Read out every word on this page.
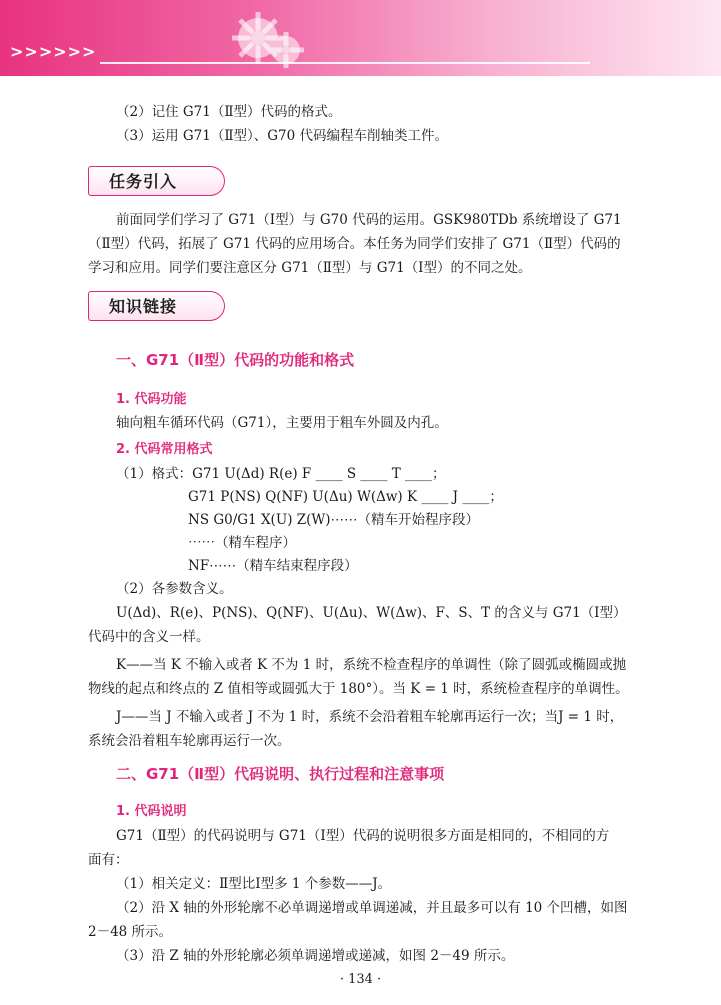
>>>>>>
（2）记住 G71（Ⅱ型）代码的格式。
（3）运用 G71（Ⅱ型）、G70 代码编程车削轴类工件。
任务引入
前面同学们学习了 G71（Ⅰ型）与 G70 代码的运用。GSK980TDb 系统增设了 G71
（Ⅱ型）代码，拓展了 G71 代码的应用场合。本任务为同学们安排了 G71（Ⅱ型）代码的
学习和应用。同学们要注意区分 G71（Ⅱ型）与 G71（Ⅰ型）的不同之处。
知识链接
一、G71（Ⅱ型）代码的功能和格式
1. 代码功能
轴向粗车循环代码（G71），主要用于粗车外圆及内孔。
2. 代码常用格式
（1）格式：G71 U(Δd) R(e) F ____ S ____ T ____；
G71 P(NS) Q(NF) U(Δu) W(Δw) K ____ J ____；
NS G0/G1 X(U) Z(W)⋯⋯（精车开始程序段）
⋯⋯（精车程序）
NF⋯⋯（精车结束程序段）
（2）各参数含义。
U(Δd)、R(e)、P(NS)、Q(NF)、U(Δu)、W(Δw)、F、S、T 的含义与 G71（Ⅰ型）
代码中的含义一样。
K——当 K 不输入或者 K 不为 1 时，系统不检查程序的单调性（除了圆弧或椭圆或抛
物线的起点和终点的 Z 值相等或圆弧大于 180°）。当 K = 1 时，系统检查程序的单调性。
J——当 J 不输入或者 J 不为 1 时，系统不会沿着粗车轮廓再运行一次；当J = 1 时，
系统会沿着粗车轮廓再运行一次。
二、G71（Ⅱ型）代码说明、执行过程和注意事项
1. 代码说明
G71（Ⅱ型）的代码说明与 G71（Ⅰ型）代码的说明很多方面是相同的，不相同的方
面有：
（1）相关定义：Ⅱ型比Ⅰ型多 1 个参数——J。
（2）沿 X 轴的外形轮廓不必单调递增或单调递减，并且最多可以有 10 个凹槽，如图
2－48 所示。
（3）沿 Z 轴的外形轮廓必须单调递增或递减，如图 2－49 所示。
· 134 ·
